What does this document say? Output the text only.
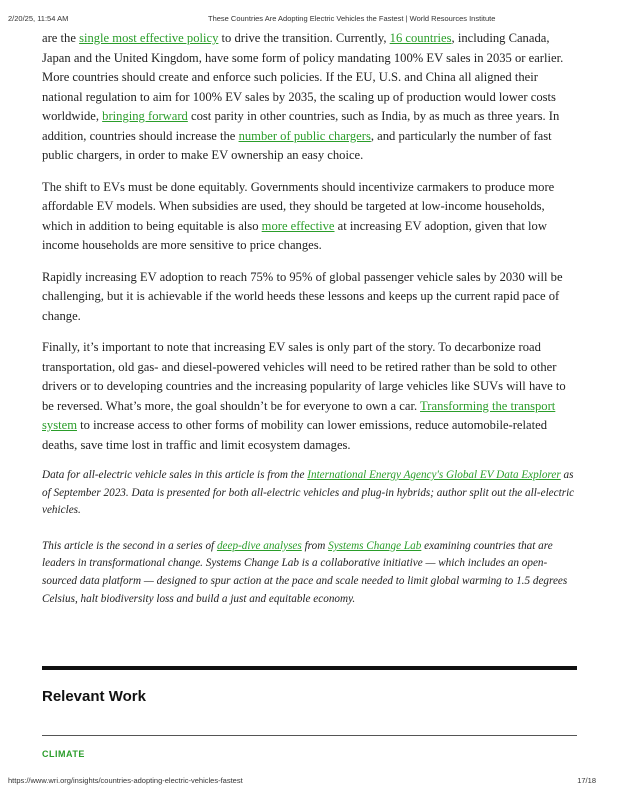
2/20/25, 11:54 AM	These Countries Are Adopting Electric Vehicles the Fastest | World Resources Institute

are the single most effective policy to drive the transition. Currently, 16 countries, including Canada, Japan and the United Kingdom, have some form of policy mandating 100% EV sales in 2035 or earlier. More countries should create and enforce such policies. If the EU, U.S. and China all aligned their national regulation to aim for 100% EV sales by 2035, the scaling up of production would lower costs worldwide, bringing forward cost parity in other countries, such as India, by as much as three years. In addition, countries should increase the number of public chargers, and particularly the number of fast public chargers, in order to make EV ownership an easy choice.

The shift to EVs must be done equitably. Governments should incentivize carmakers to produce more affordable EV models. When subsidies are used, they should be targeted at low-income households, which in addition to being equitable is also more effective at increasing EV adoption, given that low income households are more sensitive to price changes.

Rapidly increasing EV adoption to reach 75% to 95% of global passenger vehicle sales by 2030 will be challenging, but it is achievable if the world heeds these lessons and keeps up the current rapid pace of change.

Finally, it’s important to note that increasing EV sales is only part of the story. To decarbonize road transportation, old gas- and diesel-powered vehicles will need to be retired rather than be sold to other drivers or to developing countries and the increasing popularity of large vehicles like SUVs will have to be reversed. What’s more, the goal shouldn’t be for everyone to own a car. Transforming the transport system to increase access to other forms of mobility can lower emissions, reduce automobile-related deaths, save time lost in traffic and limit ecosystem damages.

Data for all-electric vehicle sales in this article is from the International Energy Agency's Global EV Data Explorer as of September 2023. Data is presented for both all-electric vehicles and plug-in hybrids; author split out the all-electric vehicles.

This article is the second in a series of deep-dive analyses from Systems Change Lab examining countries that are leaders in transformational change. Systems Change Lab is a collaborative initiative — which includes an open-sourced data platform — designed to spur action at the pace and scale needed to limit global warming to 1.5 degrees Celsius, halt biodiversity loss and build a just and equitable economy.

Relevant Work
CLIMATE
https://www.wri.org/insights/countries-adopting-electric-vehicles-fastest	17/18
